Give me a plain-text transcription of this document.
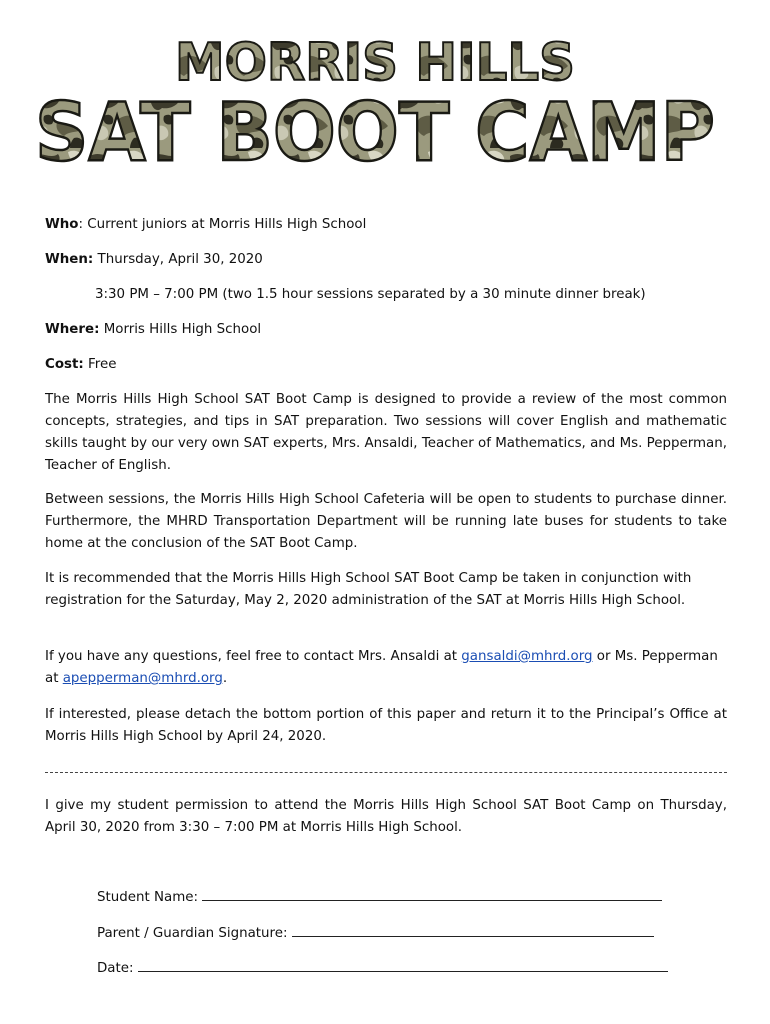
MORRIS HILLS
SAT BOOT CAMP
Who: Current juniors at Morris Hills High School
When: Thursday, April 30, 2020
3:30 PM – 7:00 PM (two 1.5 hour sessions separated by a 30 minute dinner break)
Where: Morris Hills High School
Cost: Free
The Morris Hills High School SAT Boot Camp is designed to provide a review of the most common concepts, strategies, and tips in SAT preparation. Two sessions will cover English and mathematic skills taught by our very own SAT experts, Mrs. Ansaldi, Teacher of Mathematics, and Ms. Pepperman, Teacher of English.
Between sessions, the Morris Hills High School Cafeteria will be open to students to purchase dinner. Furthermore, the MHRD Transportation Department will be running late buses for students to take home at the conclusion of the SAT Boot Camp.
It is recommended that the Morris Hills High School SAT Boot Camp be taken in conjunction with registration for the Saturday, May 2, 2020 administration of the SAT at Morris Hills High School.
If you have any questions, feel free to contact Mrs. Ansaldi at gansaldi@mhrd.org or Ms. Pepperman at apepperman@mhrd.org.
If interested, please detach the bottom portion of this paper and return it to the Principal’s Office at Morris Hills High School by April 24, 2020.
I give my student permission to attend the Morris Hills High School SAT Boot Camp on Thursday, April 30, 2020 from 3:30 – 7:00 PM at Morris Hills High School.
Student Name:
Parent / Guardian Signature:
Date:
